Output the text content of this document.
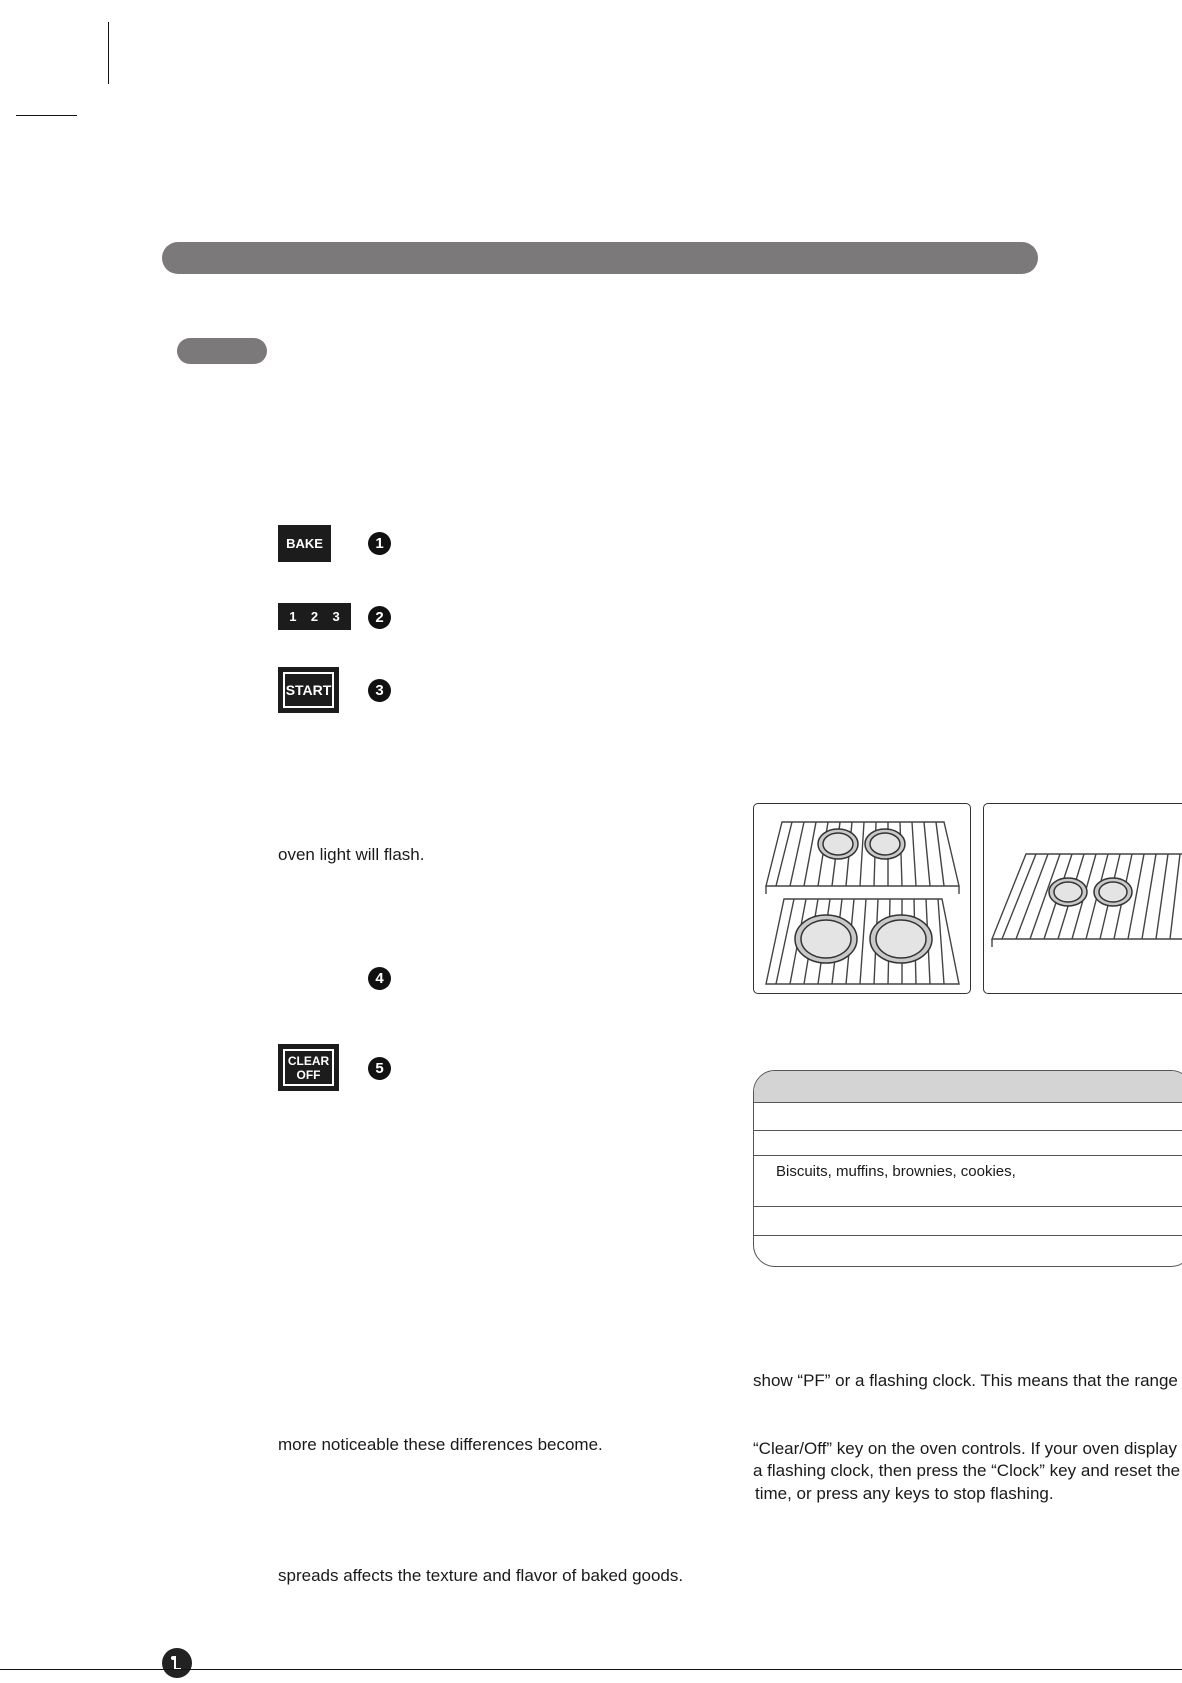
BAKE	1
1 2 3	2
START	3
oven light will flash.
4
CLEAR
OFF	5
more noticeable these differences become.
spreads affects the texture and flavor of baked goods.
Biscuits, muffins, brownies, cookies,
show “PF” or a flashing clock. This means that the range
“Clear/Off” key on the oven controls. If your oven display
a flashing clock, then press the “Clock” key and reset the
time, or press any keys to stop flashing.
